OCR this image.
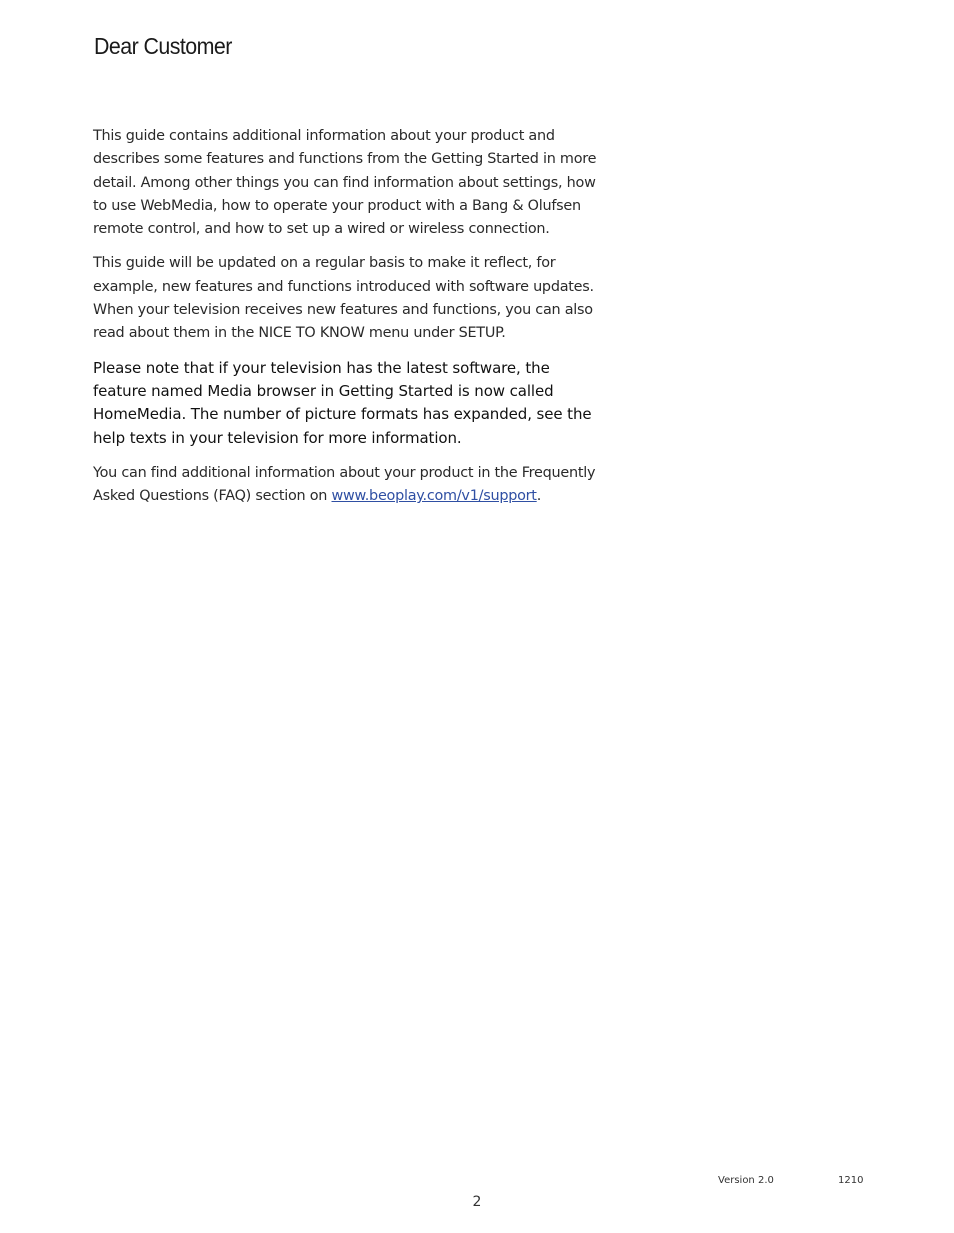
Dear Customer

This guide contains additional information about your product and describes some features and functions from the Getting Started in more detail. Among other things you can find information about settings, how to use WebMedia, how to operate your product with a Bang & Olufsen remote control, and how to set up a wired or wireless connection.

This guide will be updated on a regular basis to make it reflect, for example, new features and functions introduced with software updates. When your television receives new features and functions, you can also read about them in the NICE TO KNOW menu under SETUP.

Please note that if your television has the latest software, the feature named Media browser in Getting Started is now called HomeMedia. The number of picture formats has expanded, see the help texts in your television for more information.

You can find additional information about your product in the Frequently Asked Questions (FAQ) section on www.beoplay.com/v1/support.

Version 2.0	1210
2
